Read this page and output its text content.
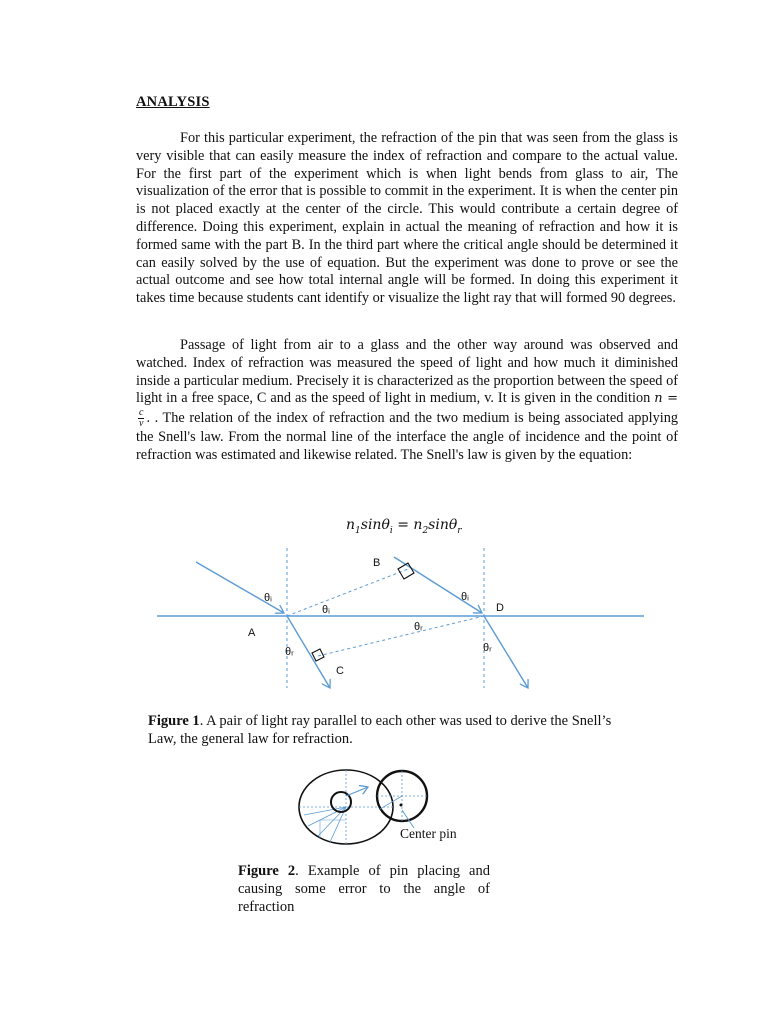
ANALYSIS

For this particular experiment, the refraction of the pin that was seen from the glass is very visible that can easily measure the index of refraction and compare to the actual value. For the first part of the experiment which is when light bends from glass to air, The visualization of the error that is possible to commit in the experiment. It is when the center pin is not placed exactly at the center of the circle. This would contribute a certain degree of difference. Doing this experiment, explain in actual the meaning of refraction and how it is formed same with the part B. In the third part where the critical angle should be determined it can easily solved by the use of equation. But the experiment was done to prove or see the actual outcome and see how total internal angle will be formed. In doing this experiment it takes time because students cant identify or visualize the light ray that will formed 90 degrees.

Passage of light from air to a glass and the other way around was observed and watched. Index of refraction was measured the speed of light and how much it diminished inside a particular medium. Precisely it is characterized as the proportion between the speed of light in a free space, C and as the speed of light in medium, v. It is given in the condition n =
$\frac{c}{v}$ . . The relation of the index of refraction and the two medium is being associated applying the Snell's law. From the normal line of the interface the angle of incidence and the point of refraction was estimated and likewise related. The Snell's law is given by the equation:

$n_1\sin\theta_i = n_2\sin\theta_r$
B
θᵢ
θᵢ
θᵢ
D
θᵣ
A
θᵣ	θᵣ
C

Figure 1. A pair of light ray parallel to each other was used to derive the Snell’s Law, the general law for refraction.

Center pin

Figure 2. Example of pin placing and causing some error to the angle of refraction
